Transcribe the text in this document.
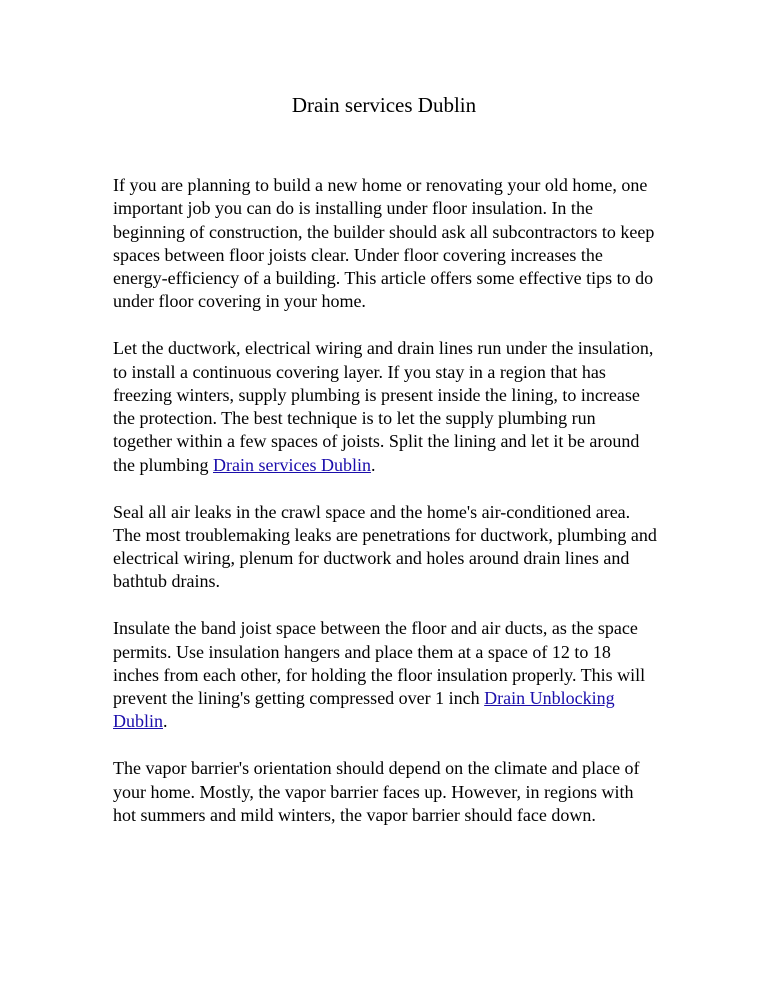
Drain services Dublin

If you are planning to build a new home or renovating your old home, one important job you can do is installing under floor insulation. In the beginning of construction, the builder should ask all subcontractors to keep spaces between floor joists clear. Under floor covering increases the energy-efficiency of a building. This article offers some effective tips to do under floor covering in your home.

Let the ductwork, electrical wiring and drain lines run under the insulation, to install a continuous covering layer. If you stay in a region that has freezing winters, supply plumbing is present inside the lining, to increase the protection. The best technique is to let the supply plumbing run together within a few spaces of joists. Split the lining and let it be around the plumbing Drain services Dublin.

Seal all air leaks in the crawl space and the home's air-conditioned area. The most troublemaking leaks are penetrations for ductwork, plumbing and electrical wiring, plenum for ductwork and holes around drain lines and bathtub drains.

Insulate the band joist space between the floor and air ducts, as the space permits. Use insulation hangers and place them at a space of 12 to 18 inches from each other, for holding the floor insulation properly. This will prevent the lining's getting compressed over 1 inch Drain Unblocking Dublin.

The vapor barrier's orientation should depend on the climate and place of your home. Mostly, the vapor barrier faces up. However, in regions with hot summers and mild winters, the vapor barrier should face down.
